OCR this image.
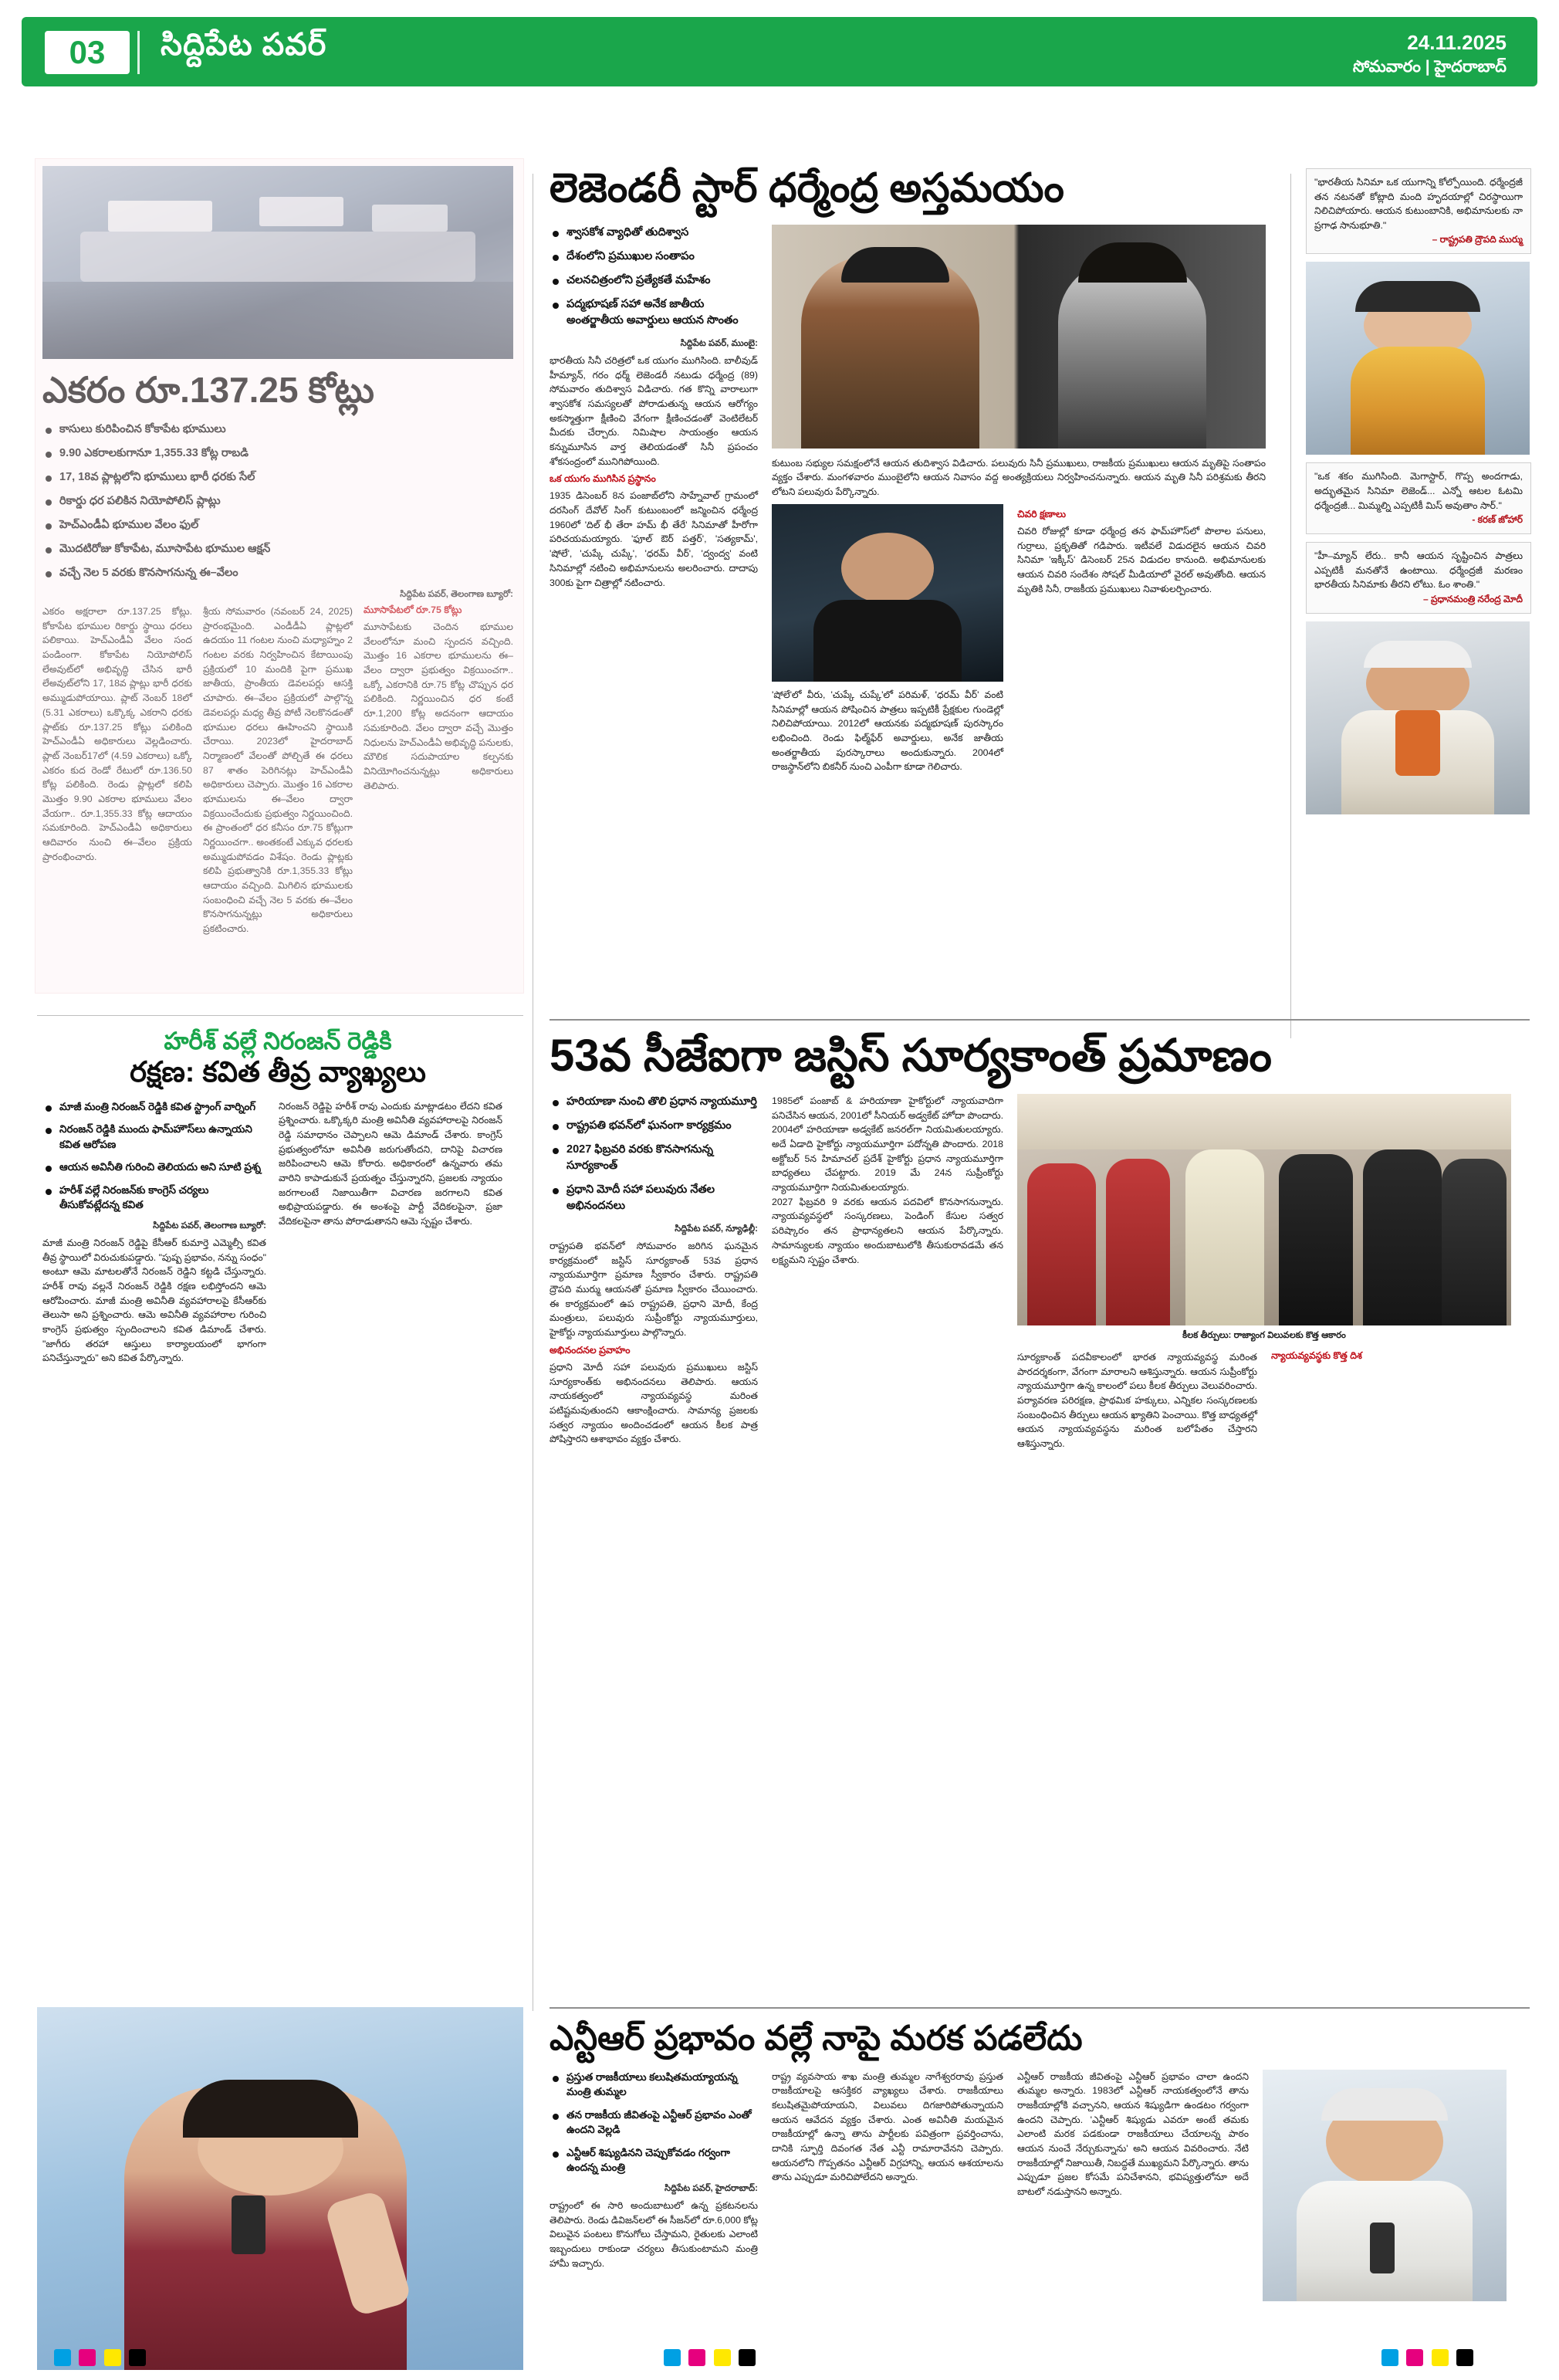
03	సిద్దిపేట పవర్	24.11.2025
సోమవారం | హైదరాబాద్
ఎకరం రూ.137.25 కోట్లు
కాసులు కురిపించిన కోకాపేట భూములు
9.90 ఎకరాలకుగానూ 1,355.33 కోట్ల రాబడి
17, 18వ ప్లాట్లలోని భూములు భారీ ధరకు సేల్
రికార్డు ధర పలికిన నియోపోలిస్ ప్లాట్లు
హెచ్‌ఎండీఏ భూముల వేలం ఫుల్‌
మొదటిరోజు కోకాపేట, మూసాపేట భూముల ఆక్షన్
వచ్చే నెల 5 వరకు కొనసాగనున్న ఈ–వేలం
సిద్దిపేట పవర్, తెలంగాణ బ్యూరో:
ఎకరం అక్షరాలా రూ.137.25 కోట్లు. కోకాపేట భూముల రికార్డు స్థాయి ధరలు పలికాయి. హెచ్‌ఎండీఏ వేలం సంద పండింంగా. కోకాపేట నియోపోలిస్ లేఅవుట్‌లో అభివృద్ధి చేసిన భారీ లేఅవుట్‌లోని 17, 18వ ప్లాట్లు భారీ ధరకు అమ్ముడుపోయాయి. ప్లాట్ నెంబర్ 18లో (5.31 ఎకరాలు) ఒక్కొక్క ఎకరాని ధరకు ప్లాట్‌కు రూ.137.25 కోట్లు పలికింది హెచ్‌ఎండీఏ అధికారులు వెల్లడించారు. ప్లాట్ నెంబర్17లో (4.59 ఎకరాలు) ఒక్కో ఎకరం కుద రెండో రేటులో రూ.136.50 కోట్ల పలికింది. రెండు ప్లాట్లలో కలిపి మొత్తం 9.90 ఎకరాల భూములు వేలం వేయగా.. రూ.1,355.33 కోట్ల ఆదాయం సమకూరింది. హెచ్‌ఎండీఏ అధికారులు ఆదివారం నుంచి ఈ–వేలం ప్రక్రియ ప్రారంభించారు.
శ్రీయ సోమవారం (నవంబర్ 24, 2025) ప్రారంభమైంది. ఎండీడీఏ ప్లాట్లలో ఉదయం 11 గంటల నుంచి మధ్యాహ్నం 2 గంటల వరకు నిర్వహించిన కేటాయింపు ప్రక్రియలో 10 మందికి పైగా ప్రముఖ జాతీయ, ప్రాంతీయ డెవలపర్లు ఆసక్తి చూపారు. ఈ–వేలం ప్రక్రియలో పాల్గొన్న డెవలపర్లు మధ్య తీవ్ర పోటీ నెలకొనడంతో భూముల ధరలు ఊహించని స్థాయికి చేరాయి. 2023లో హైదరాబాద్ నిర్మాణంలో వేలంతో పోల్చితే ఈ ధరలు 87 శాతం పెరిగినట్లు హెచ్‌ఎండీఏ అధికారులు చెప్పారు. మొత్తం 16 ఎకరాల భూములను ఈ–వేలం ద్వారా విక్రయించేందుకు ప్రభుత్వం నిర్ణయించింది. ఈ ప్రాంతంలో ధర కనీసం రూ.75 కోట్లుగా నిర్ణయించగా.. అంతకంటే ఎక్కువ ధరలకు అమ్ముడుపోవడం విశేషం. రెండు ప్లాట్లకు కలిపి ప్రభుత్వానికి రూ.1,355.33 కోట్లు ఆదాయం వచ్చింది. మిగిలిన భూములకు సంబంధించి వచ్చే నెల 5 వరకు ఈ–వేలం కొనసాగనున్నట్లు అధికారులు ప్రకటించారు.
మూసాపేటలో రూ.75 కోట్లు
మూసాపేటకు చెందిన భూముల వేలంలోనూ మంచి స్పందన వచ్చింది. మొత్తం 16 ఎకరాల భూములను ఈ–వేలం ద్వారా ప్రభుత్వం విక్రయించగా.. ఒక్కో ఎకరానికి రూ.75 కోట్ల చొప్పున ధర పలికింది. నిర్ణయించిన ధర కంటే రూ.1,200 కోట్ల అదనంగా ఆదాయం సమకూరింది. వేలం ద్వారా వచ్చే మొత్తం నిధులను హెచ్‌ఎండీఏ అభివృద్ధి పనులకు, మౌలిక సదుపాయాల కల్పనకు వినియోగించనున్నట్లు అధికారులు తెలిపారు.
హరీశ్ వల్లే నిరంజన్ రెడ్డికి
రక్షణ: కవిత తీవ్ర వ్యాఖ్యలు
మాజీ మంత్రి నిరంజన్ రెడ్డికి కవిత స్ట్రాంగ్ వార్నింగ్
నిరంజన్ రెడ్డికి ముందు ఫామ్‌హౌస్‌లు ఉన్నాయని కవిత ఆరోపణ
ఆయన అవినీతి గురించి తెలియదు అని సూటి ప్రశ్న
హరీశ్‌ వల్లే నిరంజన్‌కు కాంగ్రెస్ చర్యలు తీసుకోవట్లేదన్న కవిత
సిద్దిపేట పవర్, తెలంగాణ బ్యూరో:
మాజీ మంత్రి నిరంజన్ రెడ్డిపై కేసీఆర్ కుమార్తె ఎమ్మెల్సీ కవిత తీవ్ర స్థాయిలో విరుచుకుపడ్డారు. "పుష్ప ప్రభావం, నన్ను సంధం" అంటూ ఆమె మాటలతోనే నిరంజన్ రెడ్డిని కట్టడి చేస్తున్నారు. హరీశ్ రావు వల్లనే నిరంజన్ రెడ్డికి రక్షణ లభిస్తోందని ఆమె ఆరోపించారు. మాజీ మంత్రి అవినీతి వ్యవహారాలపై కేసీఆర్‌కు తెలుసా అని ప్రశ్నించారు. ఆమె అవినీతి వ్యవహారాల గురించి కాంగ్రెస్ ప్రభుత్వం స్పందించాలని కవిత డిమాండ్ చేశారు. "జాగీరు తరహా ఆస్తులు కార్యాలయంలో భాగంగా పనిచేస్తున్నారు" అని కవిత పేర్కొన్నారు.
నిరంజన్ రెడ్డిపై హరీశ్ రావు ఎందుకు మాట్లాడటం లేదని కవిత ప్రశ్నించారు. ఒక్కొక్కరి మంత్రి అవినీతి వ్యవహారాలపై నిరంజన్ రెడ్డి సమాధానం చెప్పాలని ఆమె డిమాండ్ చేశారు. కాంగ్రెస్ ప్రభుత్వంలోనూ అవినీతి జరుగుతోందని, దానిపై విచారణ జరిపించాలని ఆమె కోరారు. అధికారంలో ఉన్నవారు తమ వారిని కాపాడుకునే ప్రయత్నం చేస్తున్నారని, ప్రజలకు న్యాయం జరగాలంటే నిజాయితీగా విచారణ జరగాలని కవిత అభిప్రాయపడ్డారు. ఈ అంశంపై పార్టీ వేదికలపైనా, ప్రజా వేదికలపైనా తాను పోరాడుతానని ఆమె స్పష్టం చేశారు.
లెజెండరీ స్టార్ ధర్మేంద్ర అస్తమయం
శ్వాసకోశ వ్యాధితో తుదిశ్వాస
దేశంలోని ప్రముఖుల సంతాపం
చలనచిత్రంలోని ప్రత్యేకతే మహేశం
పద్మభూషణ్ సహా అనేక జాతీయ అంతర్జాతీయ అవార్డులు ఆయన సొంతం
సిద్దిపేట పవర్, ముంబై:
భారతీయ సినీ చరిత్రలో ఒక యుగం ముగిసింది. బాలీవుడ్ హీమ్యాన్, గరం ధర్మ్ లెజెండరీ నటుడు ధర్మేంద్ర (89) సోమవారం తుదిశ్వాస విడిచారు. గత కొన్ని వారాలుగా శ్వాసకోశ సమస్యలతో పోరాడుతున్న ఆయన ఆరోగ్యం అకస్మాత్తుగా క్షీణించి వేగంగా క్షీణించడంతో వెంటిలేటర్ మీదకు చేర్చారు. నిమిషాల సాయంత్రం ఆయన కన్నుమూసిన వార్త తెలియడంతో సినీ ప్రపంచం శోకసంద్రంలో మునిగిపోయింది.
ఒక యుగం ముగిసిన ప్రస్థానం
1935 డిసెంబర్ 8న పంజాబ్‌లోని సాహ్నేవాల్ గ్రామంలో దరసింగ్ దేవోల్ సింగ్ కుటుంబంలో జన్మించిన ధర్మేంద్ర 1960లో 'దిల్ భీ తేరా హమ్ భీ తేరే' సినిమాతో హీరోగా పరిచయమయ్యారు. 'ఫూల్ ఔర్ పత్తర్', 'సత్యకామ్', 'షోలే', 'చుప్కే చుప్కే', 'ధరమ్ వీర్', 'ద్వంద్వ' వంటి సినిమాల్లో నటించి అభిమానులను అలరించారు. దాదాపు 300కు పైగా చిత్రాల్లో నటించారు.
కుటుంబ సభ్యుల సమక్షంలోనే ఆయన తుదిశ్వాస విడిచారు. పలువురు సినీ ప్రముఖులు, రాజకీయ ప్రముఖులు ఆయన మృతిపై సంతాపం వ్యక్తం చేశారు. మంగళవారం ముంబైలోని ఆయన నివాసం వద్ద అంత్యక్రియలు నిర్వహించనున్నారు. ఆయన మృతి సినీ పరిశ్రమకు తీరని లోటని పలువురు పేర్కొన్నారు.
'షోలే'లో వీరు, 'చుప్కే చుప్కే'లో పరిమళ్, 'ధరమ్ వీర్' వంటి సినిమాల్లో ఆయన పోషించిన పాత్రలు ఇప్పటికీ ప్రేక్షకుల గుండెల్లో నిలిచిపోయాయి. 2012లో ఆయనకు పద్మభూషణ్ పురస్కారం లభించింది. రెండు ఫిల్మ్‌ఫేర్ అవార్డులు, అనేక జాతీయ అంతర్జాతీయ పురస్కారాలు అందుకున్నారు. 2004లో రాజస్థాన్‌లోని బికనీర్ నుంచి ఎంపీగా కూడా గెలిచారు.
చివరి క్షణాలు
చివరి రోజుల్లో కూడా ధర్మేంద్ర తన ఫామ్‌హౌస్‌లో పొలాల పనులు, గుర్రాలు, ప్రకృతితో గడిపారు. ఇటీవలే విడుదలైన ఆయన చివరి సినిమా 'ఇక్కీస్' డిసెంబర్ 25న విడుదల కానుంది. అభిమానులకు ఆయన చివరి సందేశం సోషల్ మీడియాలో వైరల్ అవుతోంది. ఆయన మృతికి సినీ, రాజకీయ ప్రముఖులు నివాళులర్పించారు.
"భారతీయ సినిమా ఒక యుగాన్ని కోల్పోయింది. ధర్మేంద్రజీ తన నటనతో కోట్లాది మంది హృదయాల్లో చిరస్థాయిగా నిలిచిపోయారు. ఆయన కుటుంబానికి, అభిమానులకు నా ప్రగాఢ సానుభూతి."
– రాష్ట్రపతి ద్రౌపది ముర్ము
"ఒక శకం ముగిసింది. మెగాస్టార్, గొప్ప అందగాడు, అద్భుతమైన సినిమా లెజెండ్‌... ఎన్నో ఆటల ఓటమి ధర్మేంద్రజీ... మిమ్మల్ని ఎప్పటికీ మిస్ అవుతాం సార్."
- కరణ్ జోహార్
"హీ–మ్యాన్ లేరు.. కానీ ఆయన సృష్టించిన పాత్రలు ఎప్పటికీ మనతోనే ఉంటాయి. ధర్మేంద్రజీ మరణం భారతీయ సినిమాకు తీరని లోటు. ఓం శాంతి."
– ప్రధానమంత్రి నరేంద్ర మోదీ
53వ సీజేఐగా జస్టిస్ సూర్యకాంత్ ప్రమాణం
హరియాణా నుంచి తొలి ప్రధాన న్యాయమూర్తి
రాష్ట్రపతి భవన్‌లో ఘనంగా కార్యక్రమం
2027 ఫిబ్రవరి వరకు కొనసాగనున్న సూర్యకాంత్
ప్రధాని మోదీ సహా పలువురు నేతల అభినందనలు
సిద్దిపేట పవర్, న్యూఢిల్లీ:
రాష్ట్రపతి భవన్‌లో సోమవారం జరిగిన ఘనమైన కార్యక్రమంలో జస్టిస్ సూర్యకాంత్ 53వ ప్రధాన న్యాయమూర్తిగా ప్రమాణ స్వీకారం చేశారు. రాష్ట్రపతి ద్రౌపది ముర్ము ఆయనతో ప్రమాణ స్వీకారం చేయించారు. ఈ కార్యక్రమంలో ఉప రాష్ట్రపతి, ప్రధాని మోదీ, కేంద్ర మంత్రులు, పలువురు సుప్రీంకోర్టు న్యాయమూర్తులు, హైకోర్టు న్యాయమూర్తులు పాల్గొన్నారు.
అభినందనల ప్రవాహం
ప్రధాని మోదీ సహా పలువురు ప్రముఖులు జస్టిస్ సూర్యకాంత్‌కు అభినందనలు తెలిపారు. ఆయన నాయకత్వంలో న్యాయవ్యవస్థ మరింత పటిష్టమవుతుందని ఆకాంక్షించారు. సామాన్య ప్రజలకు సత్వర న్యాయం అందించడంలో ఆయన కీలక పాత్ర పోషిస్తారని ఆశాభావం వ్యక్తం చేశారు.
1985లో పంజాబ్ & హరియాణా హైకోర్టులో న్యాయవాదిగా పనిచేసిన ఆయన, 2001లో సీనియర్ అడ్వకేట్ హోదా పొందారు. 2004లో హరియాణా అడ్వకేట్ జనరల్‌గా నియమితులయ్యారు. అదే ఏడాది హైకోర్టు న్యాయమూర్తిగా పదోన్నతి పొందారు. 2018 అక్టోబర్ 5న హిమాచల్ ప్రదేశ్ హైకోర్టు ప్రధాన న్యాయమూర్తిగా బాధ్యతలు చేపట్టారు. 2019 మే 24న సుప్రీంకోర్టు న్యాయమూర్తిగా నియమితులయ్యారు.
2027 ఫిబ్రవరి 9 వరకు ఆయన పదవిలో కొనసాగనున్నారు. న్యాయవ్యవస్థలో సంస్కరణలు, పెండింగ్ కేసుల సత్వర పరిష్కారం తన ప్రాధాన్యతలని ఆయన పేర్కొన్నారు. సామాన్యులకు న్యాయం అందుబాటులోకి తీసుకురావడమే తన లక్ష్యమని స్పష్టం చేశారు.
కీలక తీర్పులు: రాజ్యాంగ విలువలకు కొత్త ఆకారం
సూర్యకాంత్ పదవీకాలంలో భారత న్యాయవ్యవస్థ మరింత పారదర్శకంగా, వేగంగా మారాలని ఆశిస్తున్నారు. ఆయన సుప్రీంకోర్టు న్యాయమూర్తిగా ఉన్న కాలంలో పలు కీలక తీర్పులు వెలువరించారు. పర్యావరణ పరిరక్షణ, ప్రాథమిక హక్కులు, ఎన్నికల సంస్కరణలకు సంబంధించిన తీర్పులు ఆయన ఖ్యాతిని పెంచాయి. కొత్త బాధ్యతల్లో ఆయన న్యాయవ్యవస్థను మరింత బలోపేతం చేస్తారని ఆశిస్తున్నారు.
న్యాయవ్యవస్థకు కొత్త దిశ
ఎన్టీఆర్ ప్రభావం వల్లే నాపై మరక పడలేదు
ప్రస్తుత రాజకీయాలు కలుషితమయ్యాయన్న మంత్రి తుమ్మల
తన రాజకీయ జీవితంపై ఎన్టీఆర్ ప్రభావం ఎంతో ఉందని వెల్లడి
ఎన్టీఆర్ శిష్యుడినని చెప్పుకోవడం గర్వంగా ఉందన్న మంత్రి
సిద్దిపేట పవర్, హైదరాబాద్:
రాష్ట్రంలో ఈ సారి అందుబాటులో ఉన్న ప్రకటనలను తెలిపారు. రెండు డివిజన్‌లలో ఈ సీజన్‌లో రూ.6,000 కోట్ల విలువైన పంటలు కొనుగోలు చేస్తామని, రైతులకు ఎలాంటి ఇబ్బందులు రాకుండా చర్యలు తీసుకుంటామని మంత్రి హామీ ఇచ్చారు.
రాష్ట్ర వ్యవసాయ శాఖ మంత్రి తుమ్మల నాగేశ్వరరావు ప్రస్తుత రాజకీయాలపై ఆసక్తికర వ్యాఖ్యలు చేశారు. రాజకీయాలు కలుషితమైపోయాయని, విలువలు దిగజారిపోతున్నాయని ఆయన ఆవేదన వ్యక్తం చేశారు. ఎంత అవినీతి మయమైన రాజకీయాల్లో ఉన్నా తాను పార్టీలకు పవిత్రంగా ప్రవర్తించాను, దానికి స్ఫూర్తి దివంగత నేత ఎన్టీ రామారావేనని చెప్పారు. ఆయనలోని గొప్పతనం ఎన్టీఆర్ విగ్రహాన్ని, ఆయన ఆశయాలను తాను ఎప్పుడూ మరిచిపోలేదని అన్నారు.
ఎన్టీఆర్ రాజకీయ జీవితంపై ఎన్టీఆర్ ప్రభావం చాలా ఉందని తుమ్మల అన్నారు. 1983లో ఎన్టీఆర్ నాయకత్వంలోనే తాను రాజకీయాల్లోకి వచ్చానని, ఆయన శిష్యుడిగా ఉండటం గర్వంగా ఉందని చెప్పారు. 'ఎన్టీఆర్ శిష్యుడు ఎవరూ అంటే తమకు ఎలాంటి మరక పడకుండా రాజకీయాలు చేయాలన్న పాఠం ఆయన నుంచే నేర్చుకున్నాను' అని ఆయన వివరించారు. నేటి రాజకీయాల్లో నిజాయితీ, నిబద్ధతే ముఖ్యమని పేర్కొన్నారు. తాను ఎప్పుడూ ప్రజల కోసమే పనిచేశానని, భవిష్యత్తులోనూ అదే బాటలో నడుస్తానని అన్నారు.
